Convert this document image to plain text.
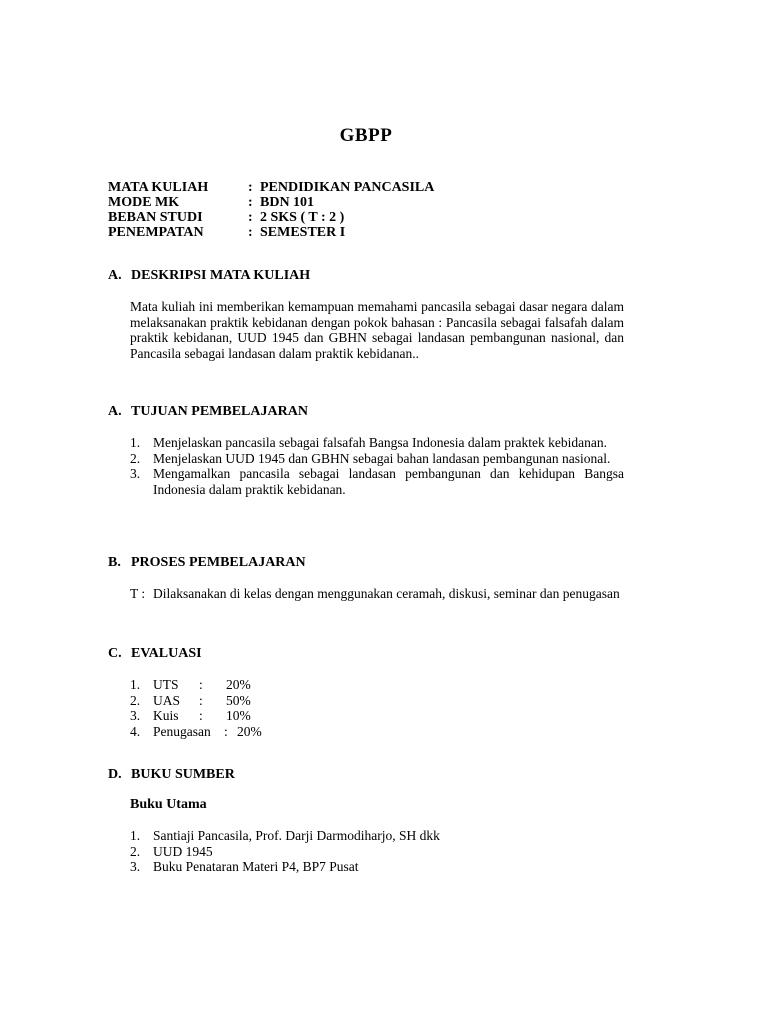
GBPP
MATA KULIAH	: PENDIDIKAN PANCASILA
MODE MK	: BDN 101
BEBAN STUDI	: 2 SKS ( T : 2 )
PENEMPATAN	: SEMESTER I
A. DESKRIPSI MATA KULIAH
Mata kuliah ini memberikan kemampuan memahami pancasila sebagai dasar negara dalam melaksanakan praktik kebidanan dengan pokok bahasan : Pancasila sebagai falsafah dalam praktik kebidanan, UUD 1945 dan GBHN sebagai landasan pembangunan nasional, dan Pancasila sebagai landasan dalam praktik kebidanan..
A. TUJUAN PEMBELAJARAN
1. Menjelaskan pancasila sebagai falsafah Bangsa Indonesia dalam praktek kebidanan.
2. Menjelaskan UUD 1945 dan GBHN sebagai bahan landasan pembangunan nasional.
3. Mengamalkan pancasila sebagai landasan pembangunan dan kehidupan Bangsa Indonesia dalam praktik kebidanan.
B. PROSES PEMBELAJARAN
T : Dilaksanakan di kelas dengan menggunakan ceramah, diskusi, seminar dan penugasan
C. EVALUASI
1. UTS : 20%
2. UAS : 50%
3. Kuis : 10%
4. Penugasan : 20%
D. BUKU SUMBER
Buku Utama
1. Santiaji Pancasila, Prof. Darji Darmodiharjo, SH dkk
2. UUD 1945
3. Buku Penataran Materi P4, BP7 Pusat
